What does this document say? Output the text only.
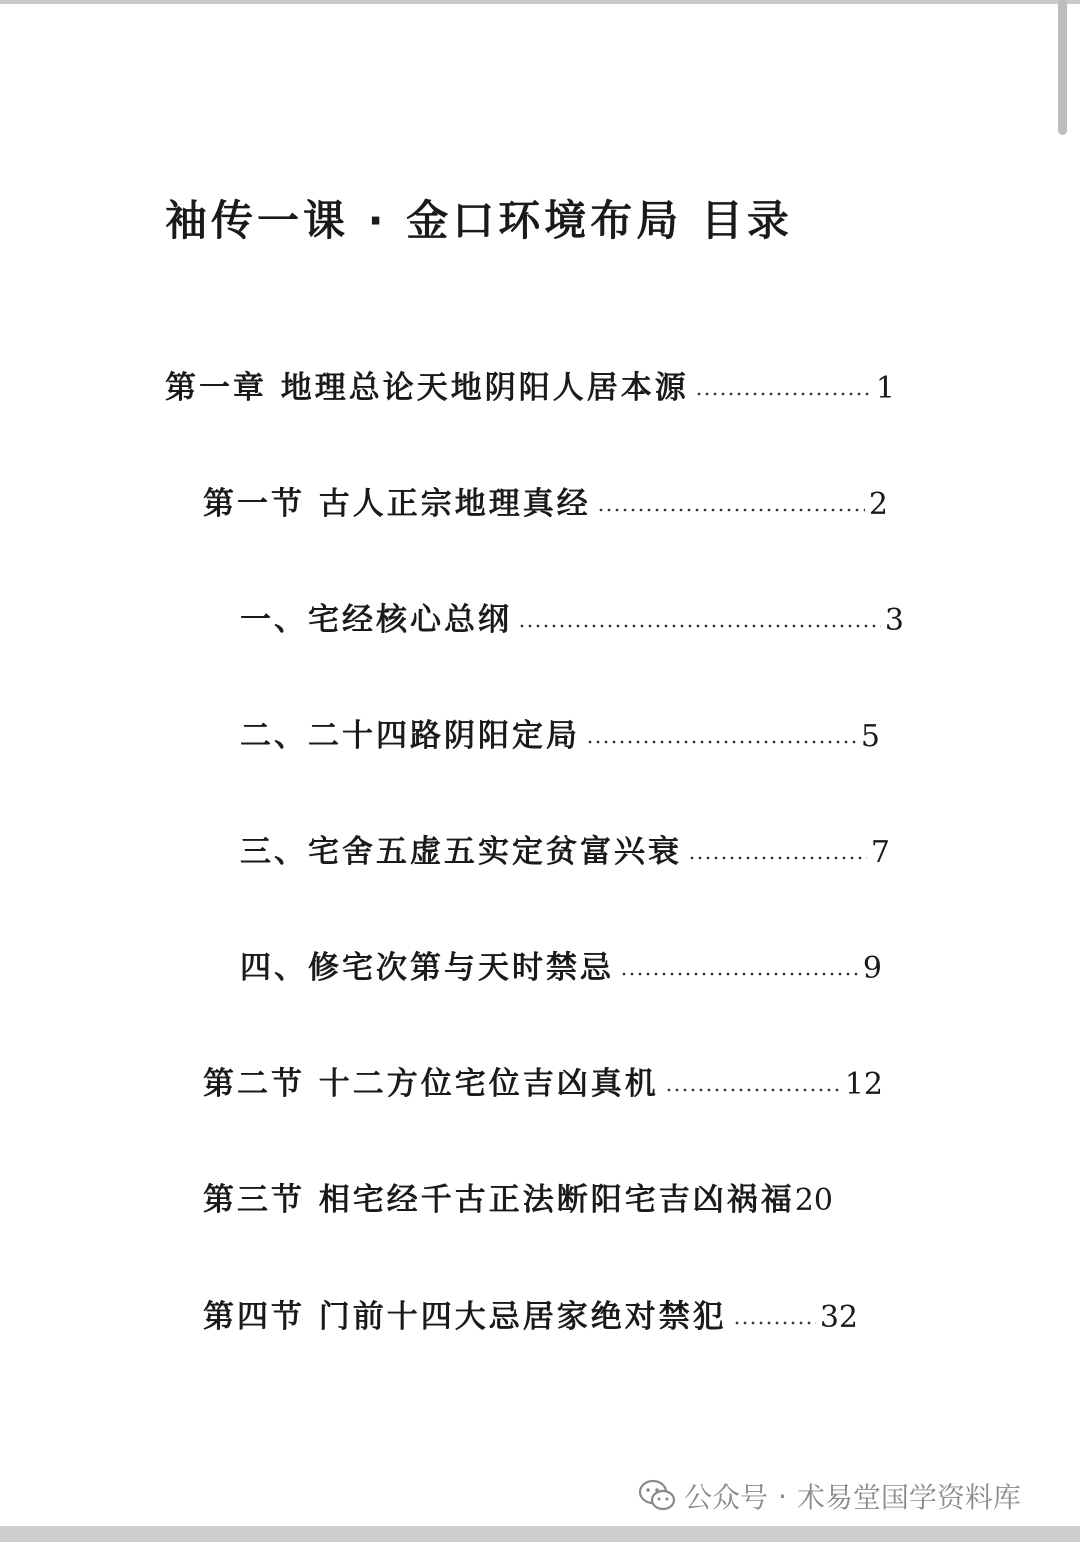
袖传一课 · 金口环境布局 目录
第一章 地理总论天地阴阳人居本源	1
第一节 古人正宗地理真经	2
一、宅经核心总纲	3
二、二十四路阴阳定局	5
三、宅舍五虚五实定贫富兴衰	7
四、修宅次第与天时禁忌	9
第二节 十二方位宅位吉凶真机	12
第三节 相宅经千古正法断阳宅吉凶祸福 20
第四节 门前十四大忌居家绝对禁犯	32
公众号 · 术易堂国学资料库
